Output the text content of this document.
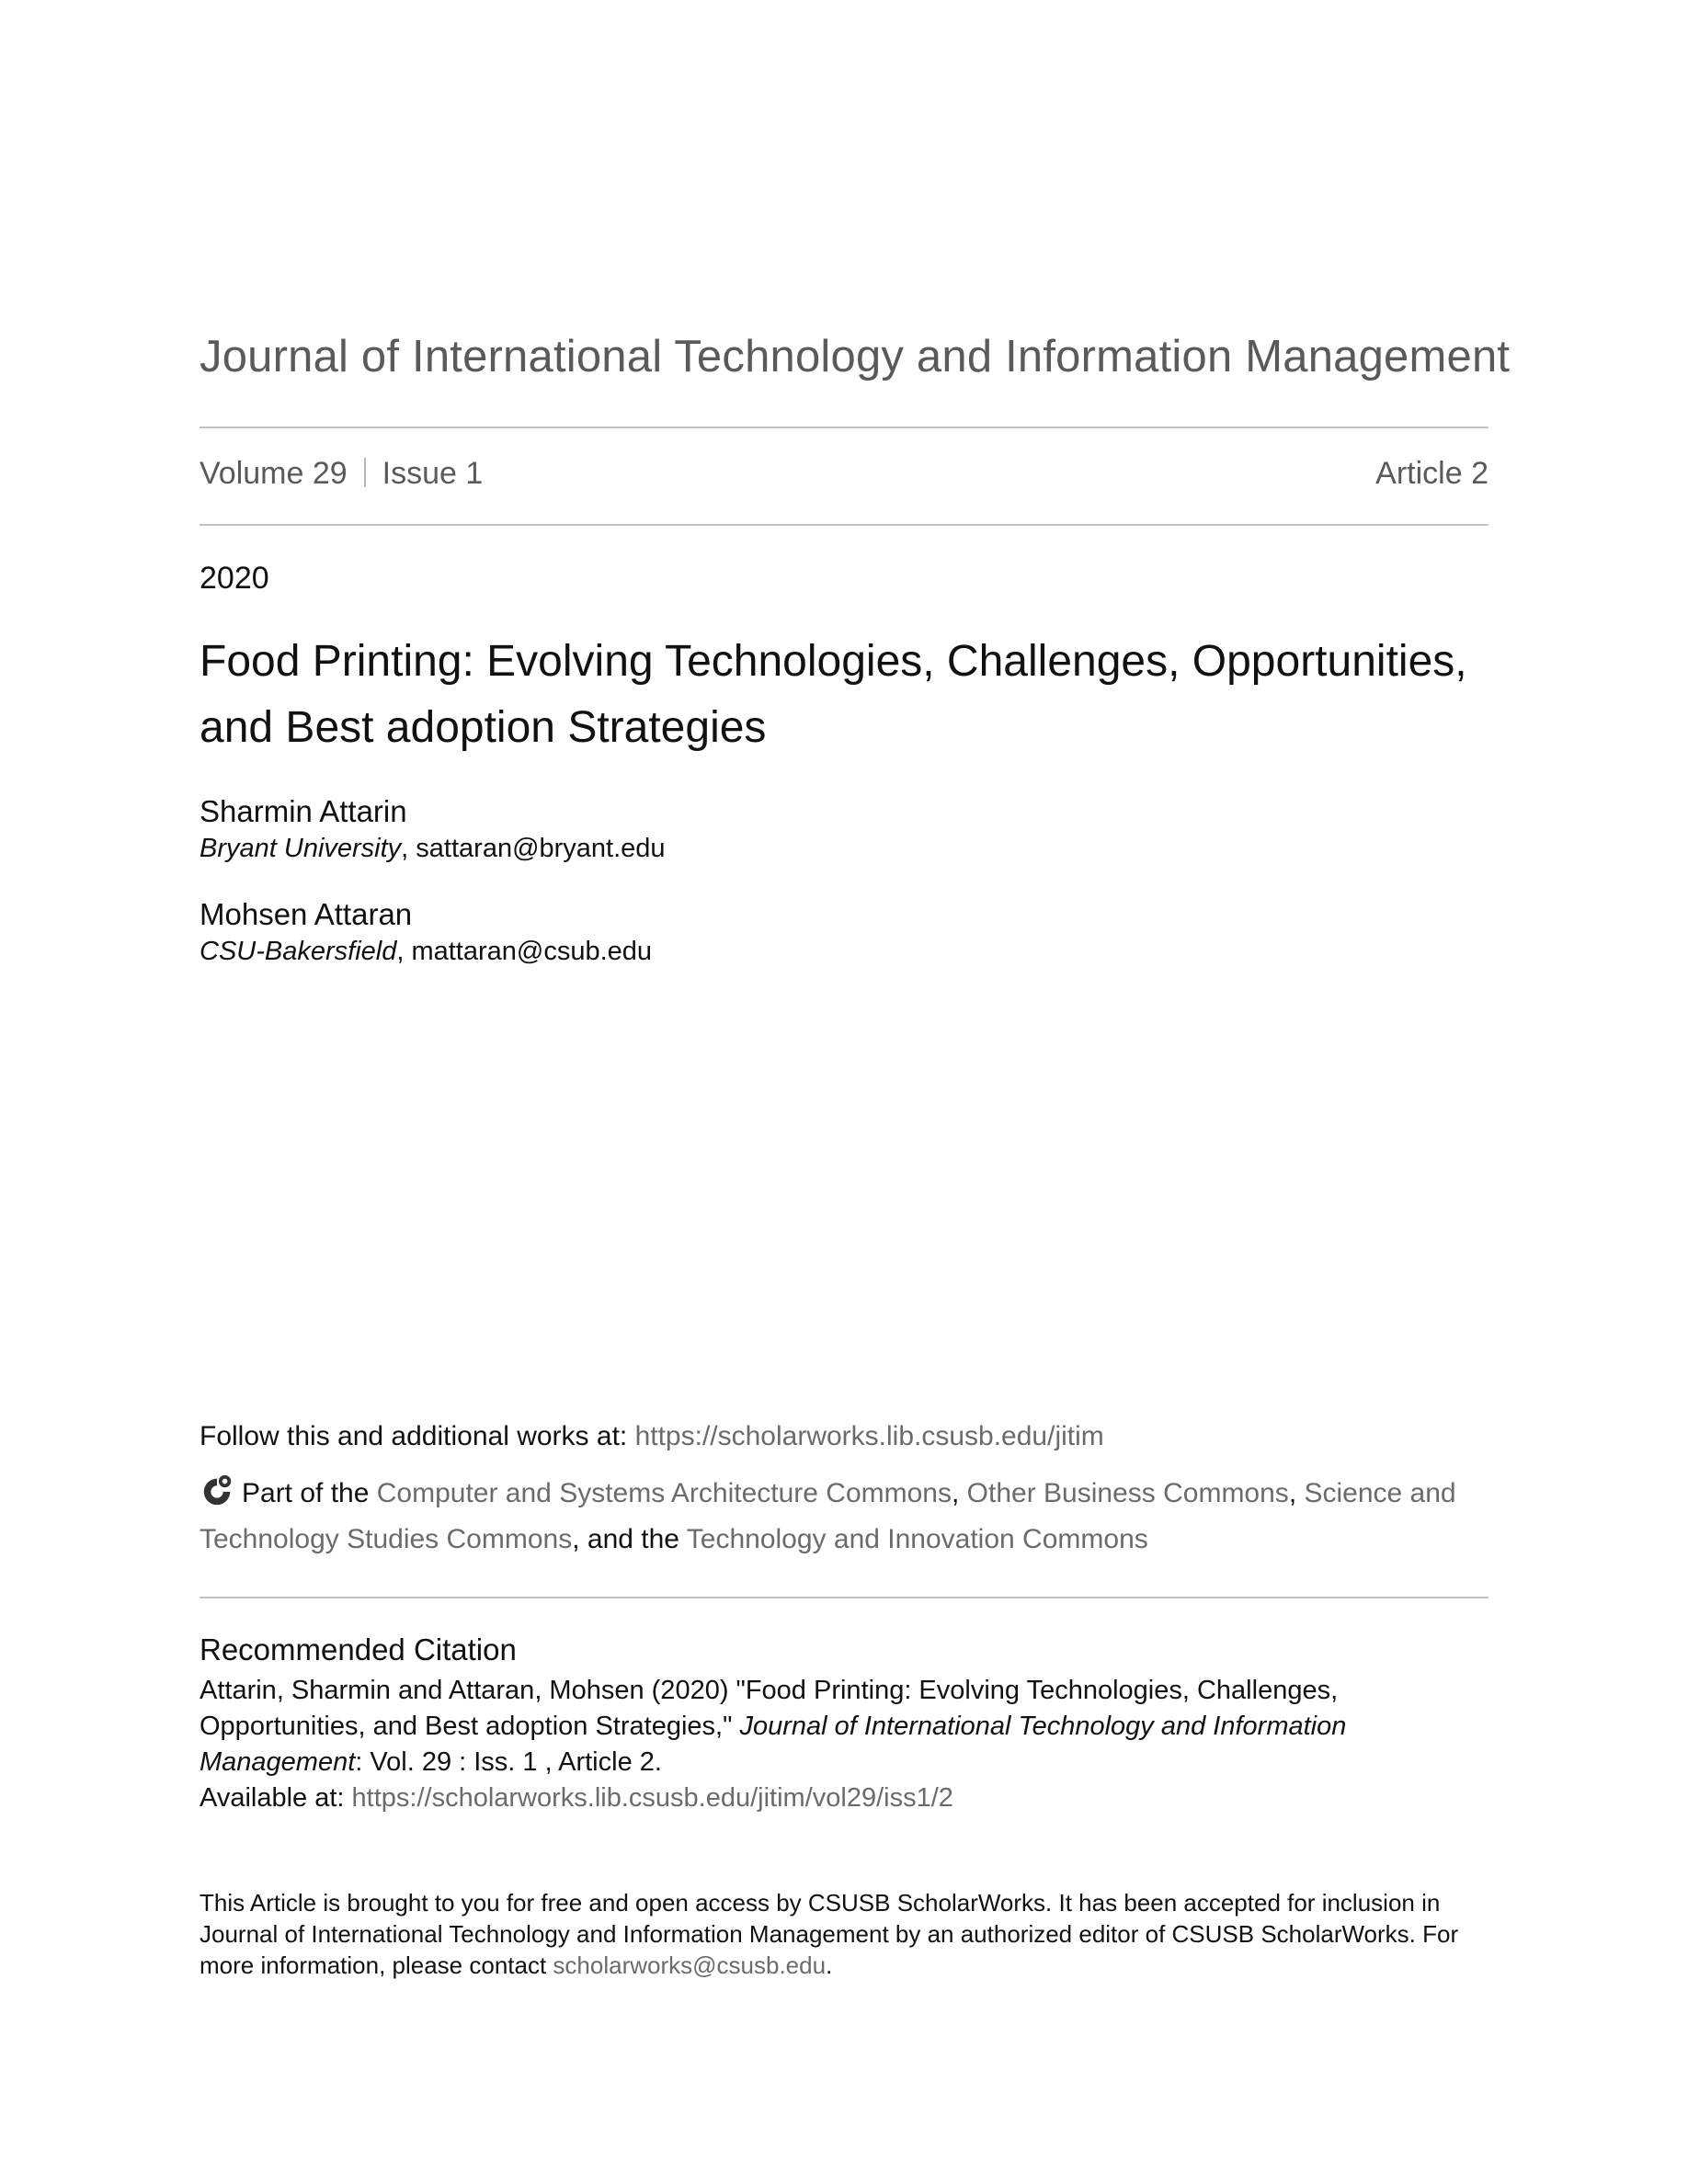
Journal of International Technology and Information Management
Volume 29 Issue 1	Article 2
2020
Food Printing: Evolving Technologies, Challenges, Opportunities, and Best adoption Strategies
Sharmin Attarin
Bryant University, sattaran@bryant.edu
Mohsen Attaran
CSU-Bakersfield, mattaran@csub.edu
Follow this and additional works at: https://scholarworks.lib.csusb.edu/jitim
Part of the Computer and Systems Architecture Commons, Other Business Commons, Science and Technology Studies Commons, and the Technology and Innovation Commons
Recommended Citation
Attarin, Sharmin and Attaran, Mohsen (2020) "Food Printing: Evolving Technologies, Challenges, Opportunities, and Best adoption Strategies," Journal of International Technology and Information Management: Vol. 29 : Iss. 1 , Article 2.
Available at: https://scholarworks.lib.csusb.edu/jitim/vol29/iss1/2
This Article is brought to you for free and open access by CSUSB ScholarWorks. It has been accepted for inclusion in Journal of International Technology and Information Management by an authorized editor of CSUSB ScholarWorks. For more information, please contact scholarworks@csusb.edu.
